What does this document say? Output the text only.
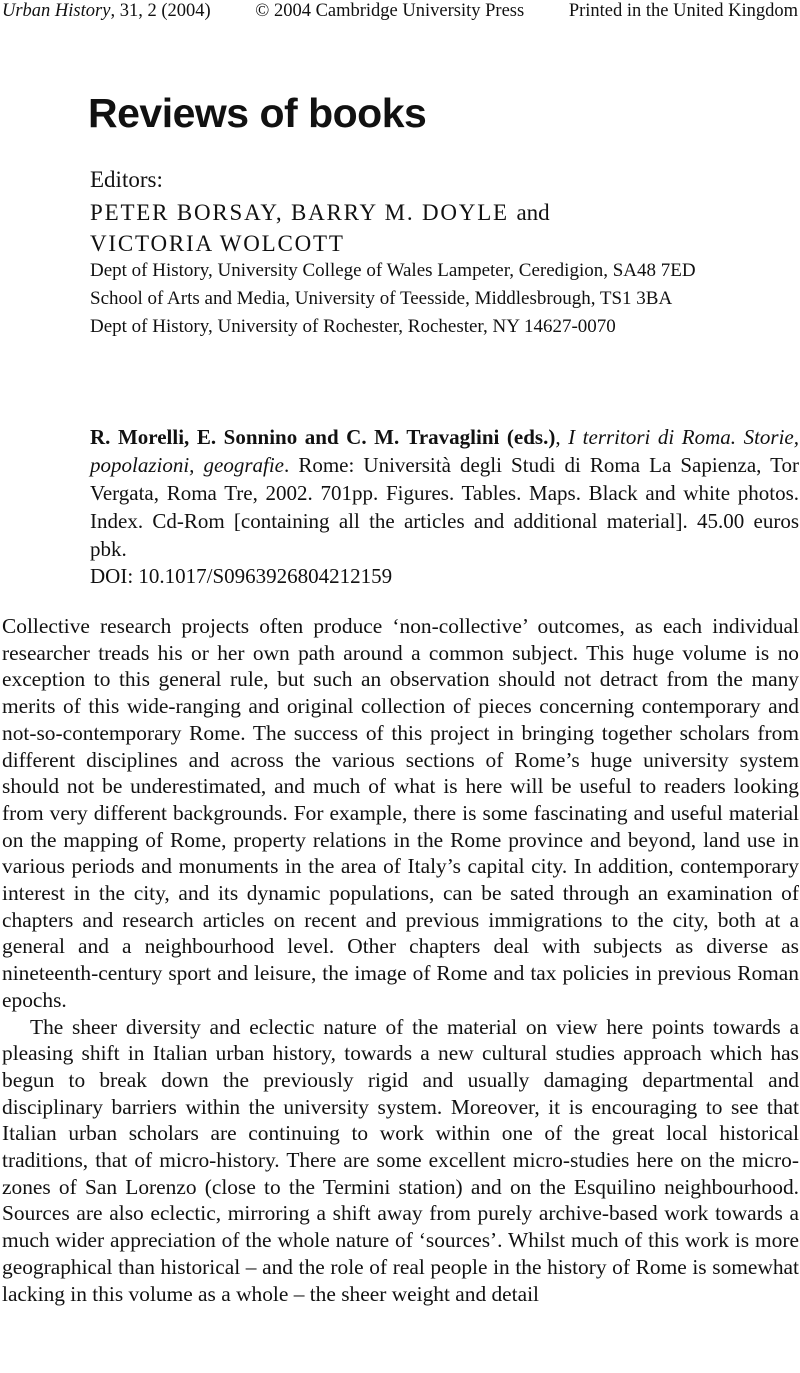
Urban History, 31, 2 (2004) © 2004 Cambridge University Press Printed in the United Kingdom
Reviews of books
Editors:
PETER BORSAY, BARRY M. DOYLE and
VICTORIA WOLCOTT
Dept of History, University College of Wales Lampeter, Ceredigion, SA48 7ED
School of Arts and Media, University of Teesside, Middlesbrough, TS1 3BA
Dept of History, University of Rochester, Rochester, NY 14627-0070
R. Morelli, E. Sonnino and C. M. Travaglini (eds.), I territori di Roma. Storie, popolazioni, geografie. Rome: Università degli Studi di Roma La Sapienza, Tor Vergata, Roma Tre, 2002. 701pp. Figures. Tables. Maps. Black and white photos. Index. Cd-Rom [containing all the articles and additional material]. 45.00 euros pbk.
DOI: 10.1017/S0963926804212159

Collective research projects often produce ‘non-collective’ outcomes, as each individual researcher treads his or her own path around a common subject. This huge volume is no exception to this general rule, but such an observation should not detract from the many merits of this wide-ranging and original collection of pieces concerning contemporary and not-so-contemporary Rome. The success of this project in bringing together scholars from different disciplines and across the various sections of Rome’s huge university system should not be underestimated, and much of what is here will be useful to readers looking from very different backgrounds. For example, there is some fascinating and useful material on the mapping of Rome, property relations in the Rome province and beyond, land use in various periods and monuments in the area of Italy’s capital city. In addition, contemporary interest in the city, and its dynamic populations, can be sated through an examination of chapters and research articles on recent and previous immigrations to the city, both at a general and a neighbourhood level. Other chapters deal with subjects as diverse as nineteenth-century sport and leisure, the image of Rome and tax policies in previous Roman epochs.

The sheer diversity and eclectic nature of the material on view here points towards a pleasing shift in Italian urban history, towards a new cultural studies approach which has begun to break down the previously rigid and usually damaging departmental and disciplinary barriers within the university system. Moreover, it is encouraging to see that Italian urban scholars are continuing to work within one of the great local historical traditions, that of micro-history. There are some excellent micro-studies here on the micro-zones of San Lorenzo (close to the Termini station) and on the Esquilino neighbourhood. Sources are also eclectic, mirroring a shift away from purely archive-based work towards a much wider appreciation of the whole nature of ‘sources’. Whilst much of this work is more geographical than historical – and the role of real people in the history of Rome is somewhat lacking in this volume as a whole – the sheer weight and detail
